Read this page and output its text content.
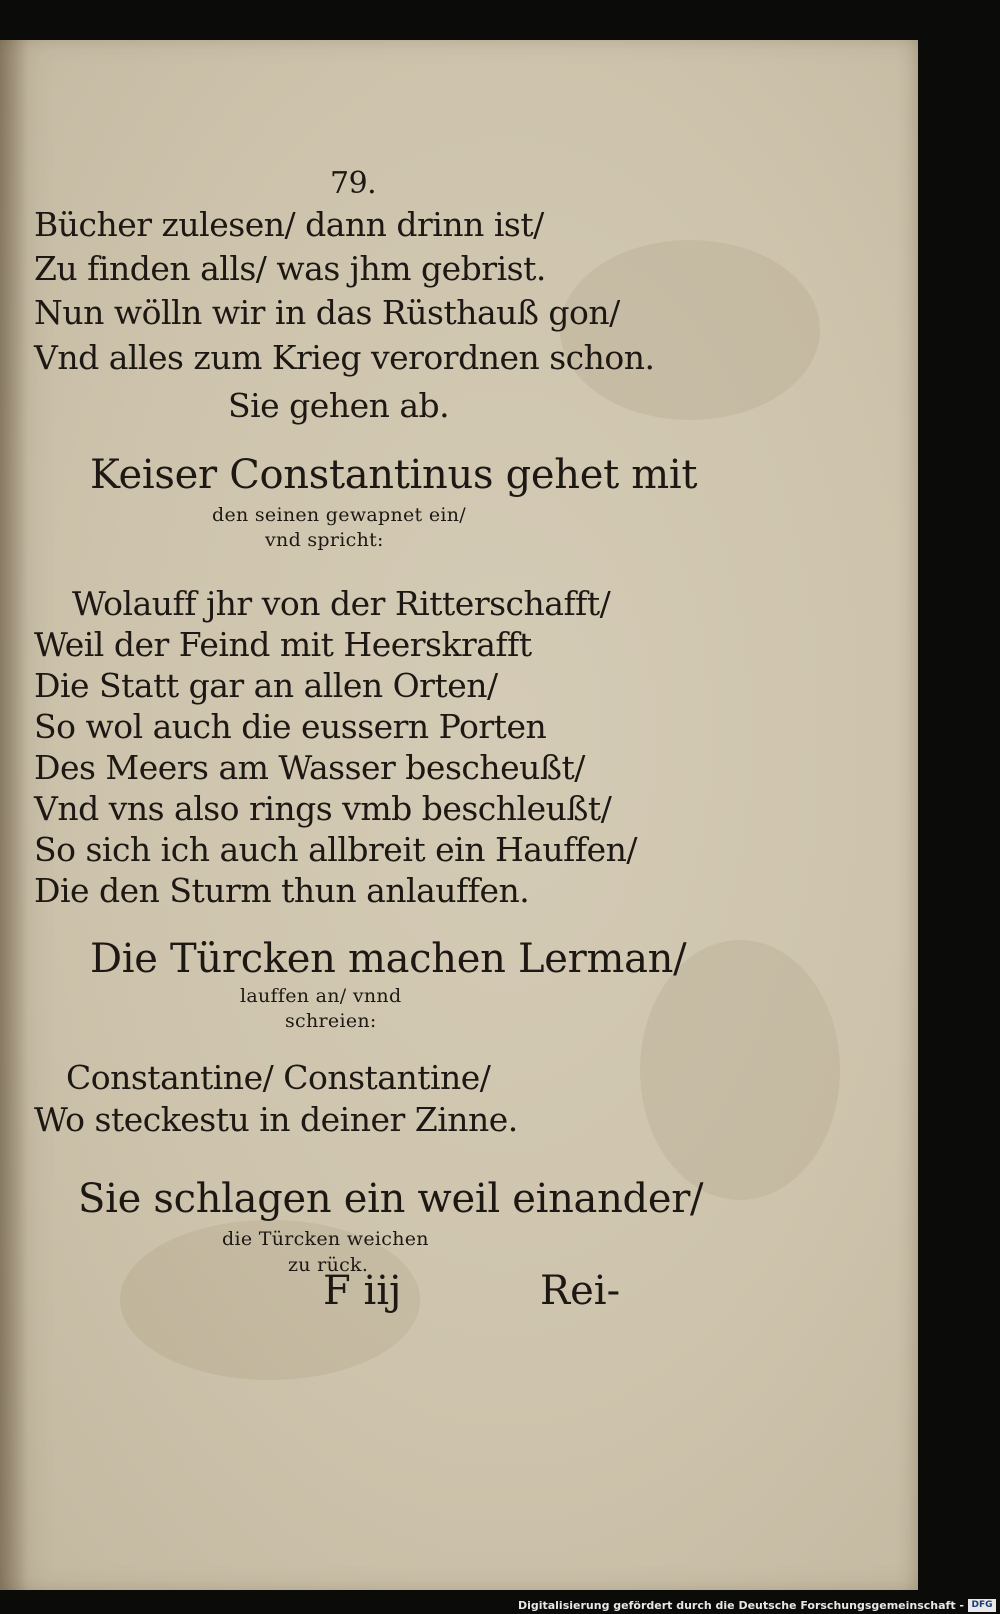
79.
Bücher zulesen/ dann drinn ist/
Zu finden alls/ was jhm gebrist.
Nun wölln wir in das Rüsthauß gon/
Vnd alles zum Krieg verordnen schon.
Sie gehen ab.
Keiser Constantinus gehet mit
den seinen gewapnet ein/
vnd spricht:
Wolauff jhr von der Ritterschafft/
Weil der Feind mit Heerskrafft
Die Statt gar an allen Orten/
So wol auch die eussern Porten
Des Meers am Wasser bescheußt/
Vnd vns also rings vmb beschleußt/
So sich ich auch allbreit ein Hauffen/
Die den Sturm thun anlauffen.
Die Türcken machen Lerman/
lauffen an/ vnnd
schreien:
Constantine/ Constantine/
Wo steckestu in deiner Zinne.
Sie schlagen ein weil einander/
die Türcken weichen
zu rück.
F iij	Rei-
Digitalisierung gefördert durch die Deutsche Forschungsgemeinschaft - DFG
